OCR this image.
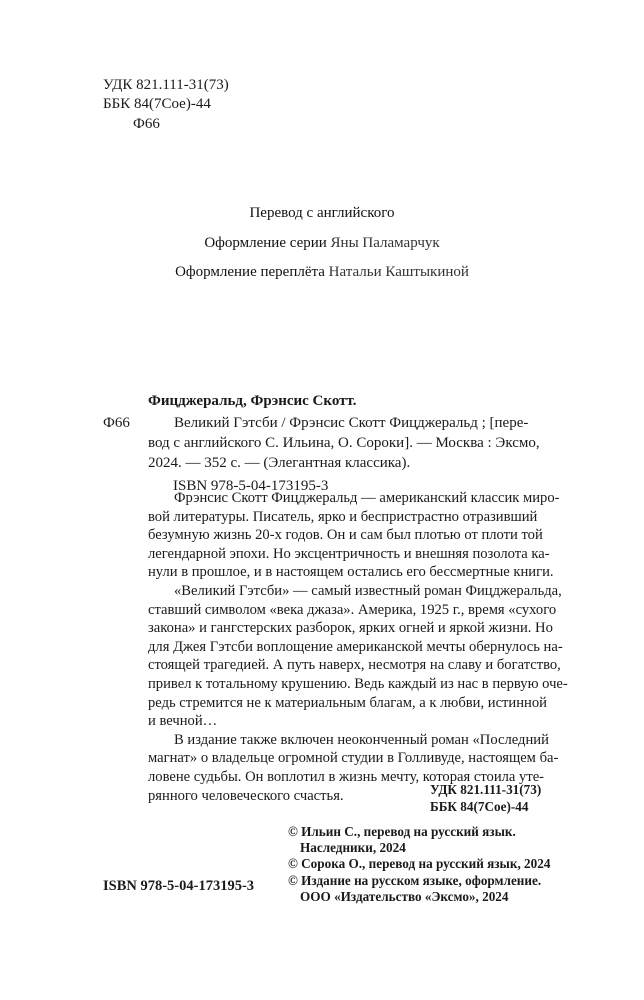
УДК 821.111-31(73)
ББК 84(7Сое)-44
Ф66
Перевод с английского
Оформление серии Яны Паламарчук
Оформление переплёта Натальи Каштыкиной
Фицджеральд, Фрэнсис Скотт.
Ф66	Великий Гэтсби / Фрэнсис Скотт Фицджеральд ; [пере-
вод с английского С. Ильина, О. Сороки]. — Москва : Эксмо,
2024. — 352 с. — (Элегантная классика).
ISBN 978-5-04-173195-3
Фрэнсис Скотт Фицджеральд — американский классик миро-
вой литературы. Писатель, ярко и беспристрастно отразивший
безумную жизнь 20-х годов. Он и сам был плотью от плоти той
легендарной эпохи. Но эксцентричность и внешняя позолота ка-
нули в прошлое, и в настоящем остались его бессмертные книги.
«Великий Гэтсби» — самый известный роман Фицджеральда,
ставший символом «века джаза». Америка, 1925 г., время «сухого
закона» и гангстерских разборок, ярких огней и яркой жизни. Но
для Джея Гэтсби воплощение американской мечты обернулось на-
стоящей трагедией. А путь наверх, несмотря на славу и богатство,
привел к тотальному крушению. Ведь каждый из нас в первую оче-
редь стремится не к материальным благам, а к любви, истинной
и вечной…
В издание также включен неоконченный роман «Последний
магнат» о владельце огромной студии в Голливуде, настоящем ба-
ловене судьбы. Он воплотил в жизнь мечту, которая стоила уте-
рянного человеческого счастья.	УДК 821.111-31(73)
ББК 84(7Сое)-44
© Ильин С., перевод на русский язык.
Наследники, 2024
© Сорока О., перевод на русский язык, 2024
© Издание на русском языке, оформление.
ООО «Издательство «Эксмо», 2024
ISBN 978-5-04-173195-3
